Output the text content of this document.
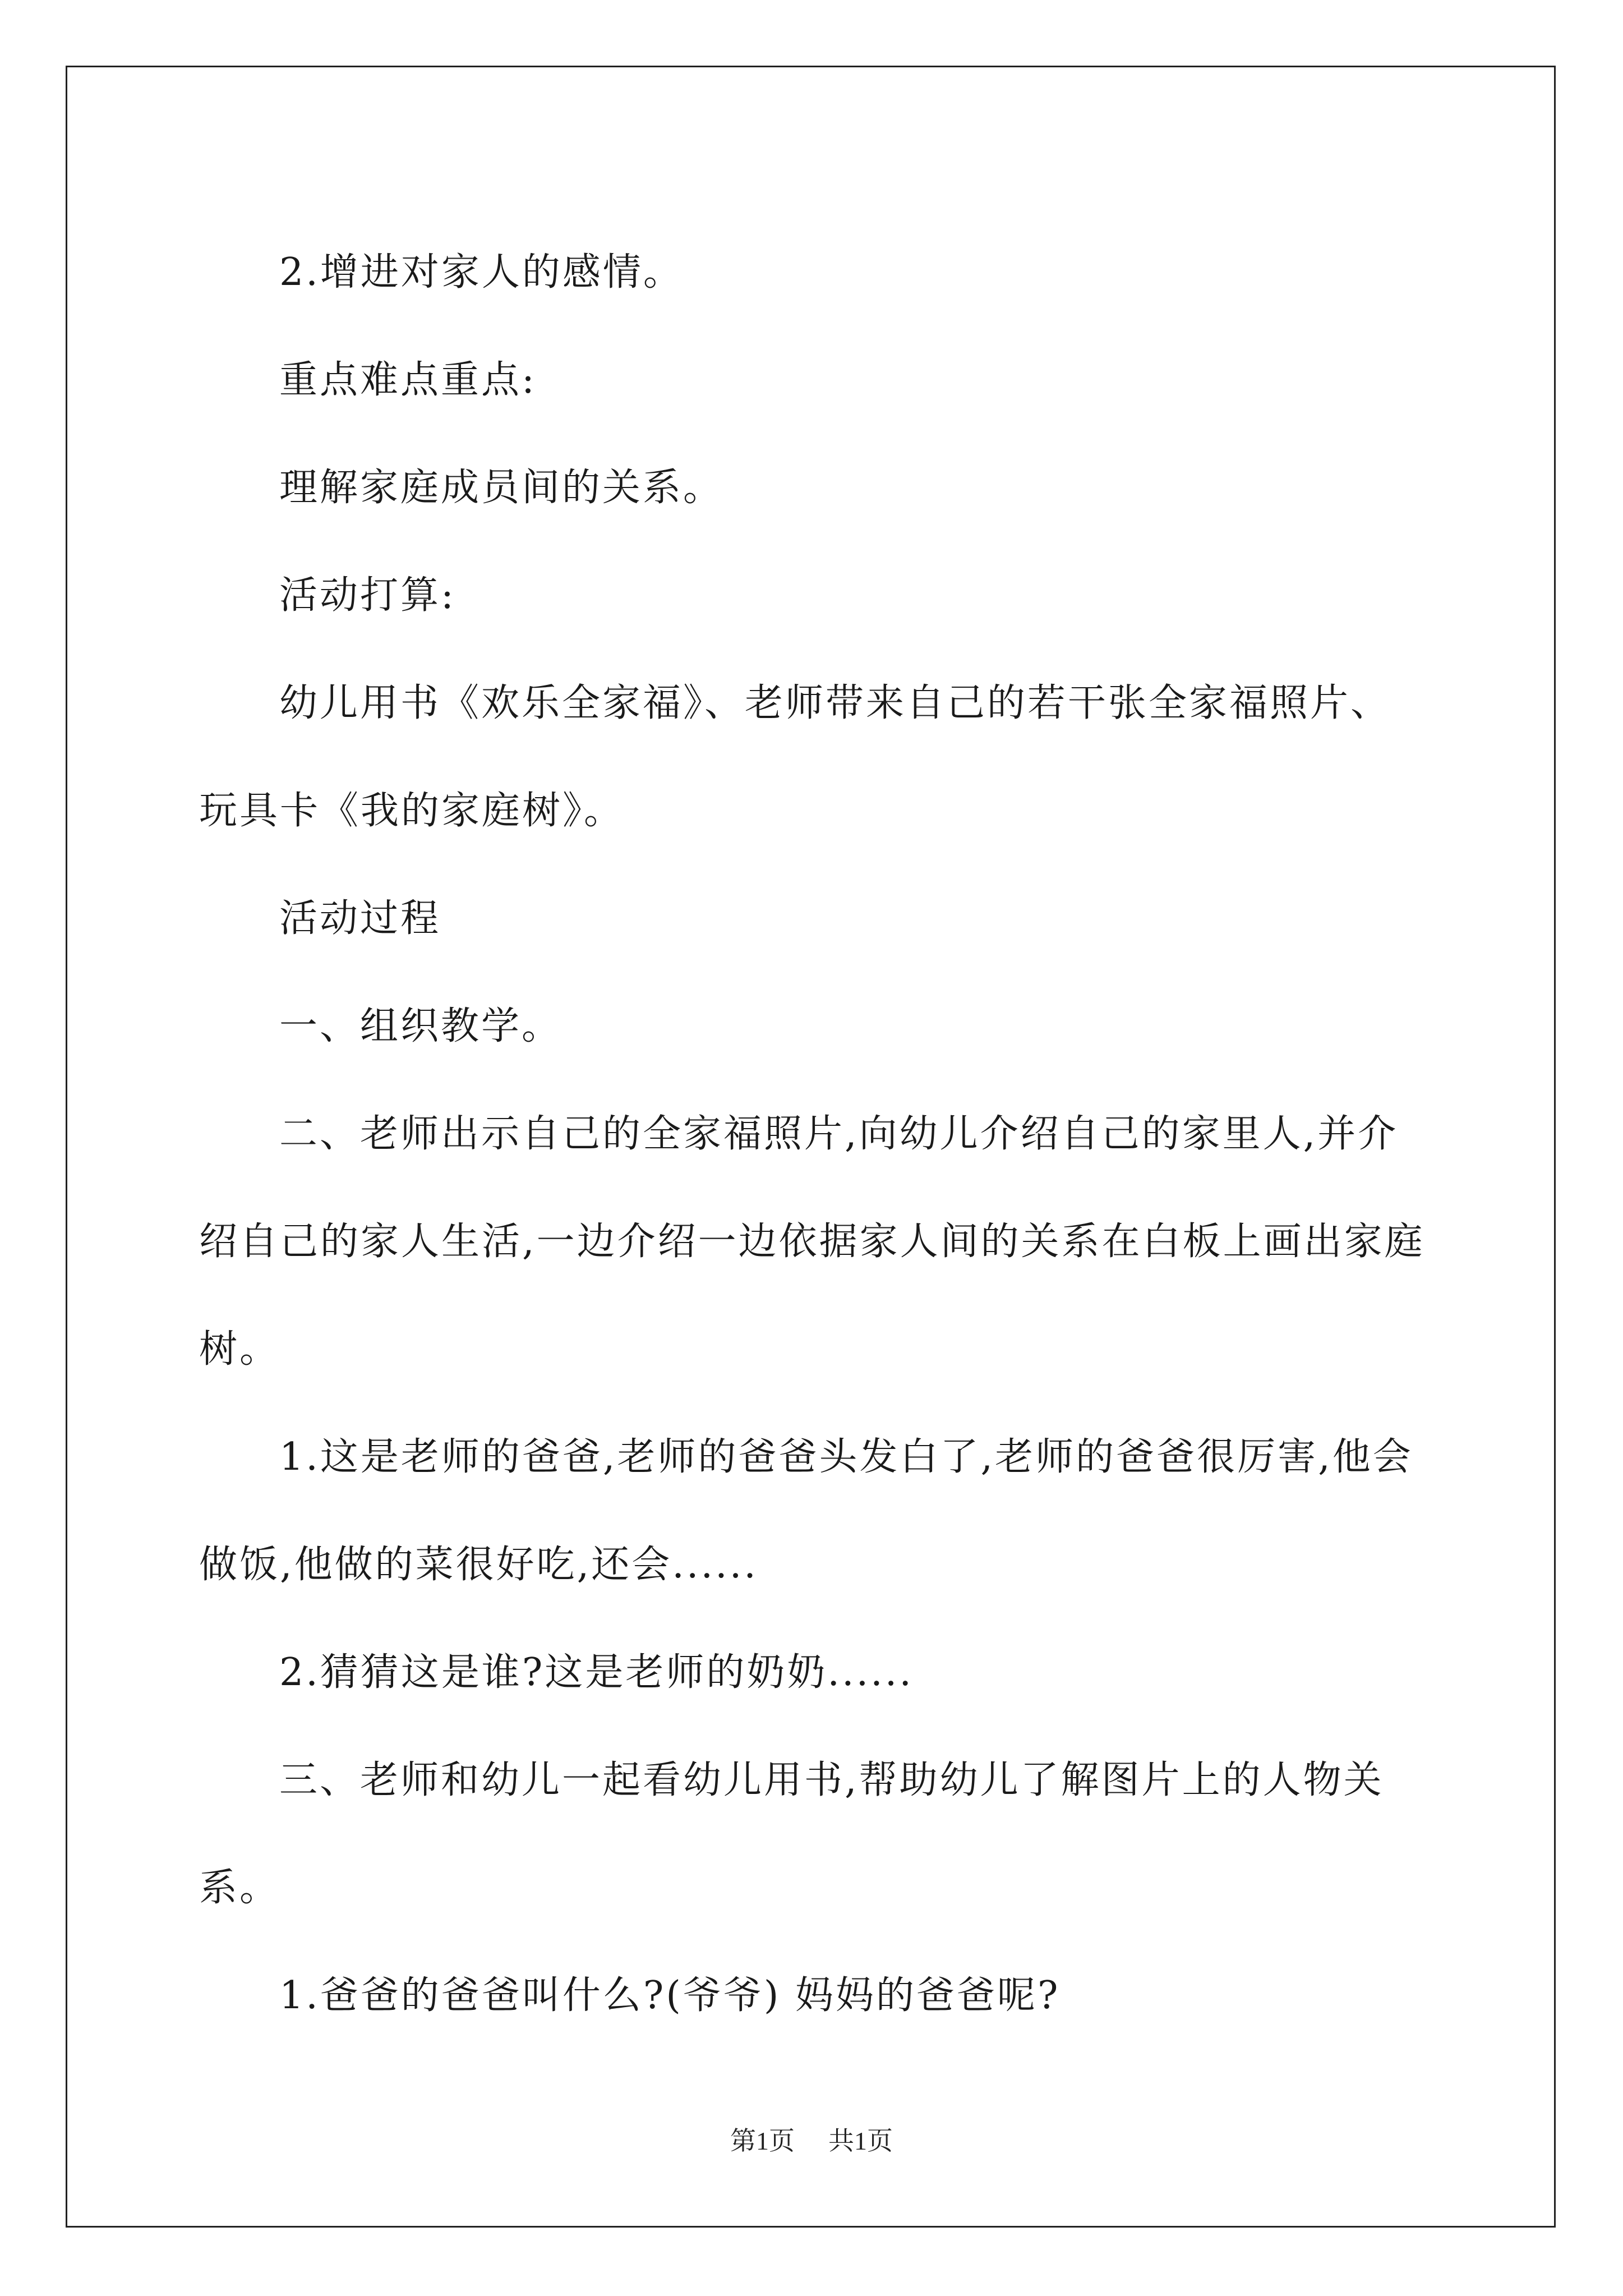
2.增进对家人的感情。

重点难点重点:

理解家庭成员间的关系。

活动打算:

幼儿用书《欢乐全家福》、老师带来自己的若干张全家福照片、玩具卡《我的家庭树》。

活动过程

一、组织教学。

二、老师出示自己的全家福照片,向幼儿介绍自己的家里人,并介绍自己的家人生活,一边介绍一边依据家人间的关系在白板上画出家庭树。

1.这是老师的爸爸,老师的爸爸头发白了,老师的爸爸很厉害,他会做饭,他做的菜很好吃,还会......

2.猜猜这是谁?这是老师的奶奶......

三、老师和幼儿一起看幼儿用书,帮助幼儿了解图片上的人物关系。

1.爸爸的爸爸叫什么?(爷爷) 妈妈的爸爸呢?

第1页 共1页
